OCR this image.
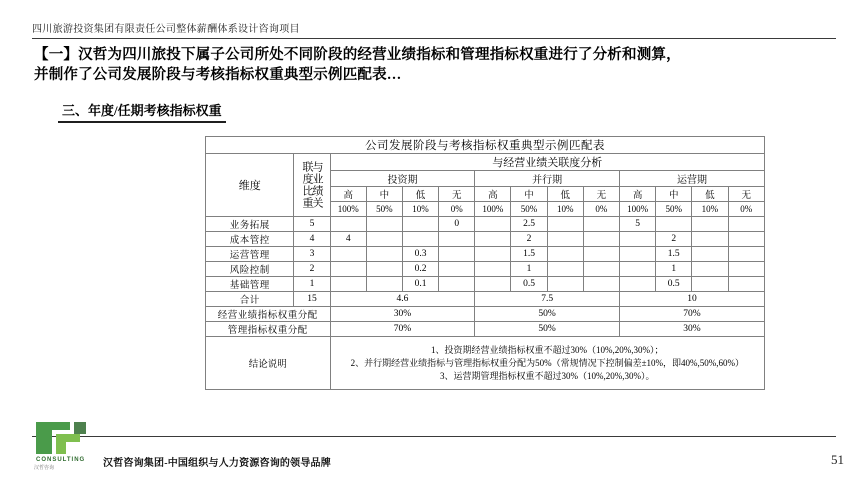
四川旅游投资集团有限责任公司整体薪酬体系设计咨询项目
【一】汉哲为四川旅投下属子公司所处不同阶段的经营业绩指标和管理指标权重进行了分析和测算，
并制作了公司发展阶段与考核指标权重典型示例匹配表…
三、年度/任期考核指标权重
公司发展阶段与考核指标权重典型示例匹配表													
维度	与业绩关联度比重	与经营业绩关联度分析											
		投资期				并行期				运营期			
		高	中	低	无	高	中	低	无	高	中	低	无
		100%	50%	10%	0%	100%	50%	10%	0%	100%	50%	10%	0%
业务拓展	5				0		2.5			5			
成本管控	4	4					2				2		
运营管理	3			0.3			1.5				1.5		
风险控制	2			0.2			1				1		
基础管理	1			0.1			0.5				0.5		
合计	15	4.6				7.5				10			
经营业绩指标权重分配		30%				50%				70%			
管理指标权重分配		70%				50%				30%			
结论说明		1、投资期经营业绩指标权重不超过30%（10%,20%,30%）；
2、并行期经营业绩指标与管理指标权重分配为50%（常规情况下控制偏差±10%，即40%,50%,60%）
3、运营期管理指标权重不超过30%（10%,20%,30%）。											
CONSULTING
汉哲咨询	汉哲咨询集团-中国组织与人力资源咨询的领导品牌	51
